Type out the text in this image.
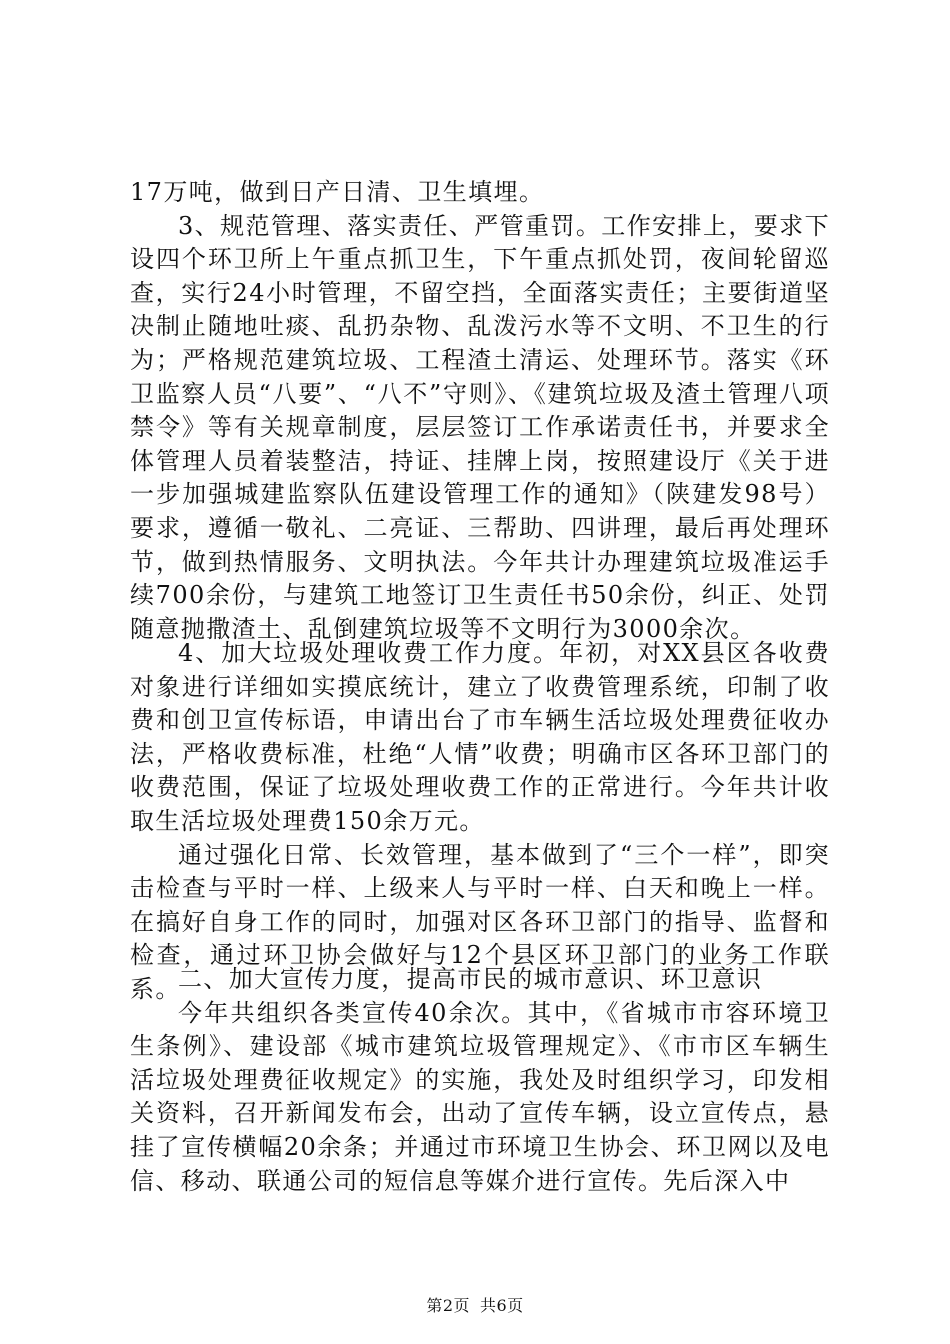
17万吨，做到日产日清、卫生填埋。

3、规范管理、落实责任、严管重罚。工作安排上，要求下设四个环卫所上午重点抓卫生，下午重点抓处罚，夜间轮留巡查，实行24小时管理，不留空挡，全面落实责任；主要街道坚决制止随地吐痰、乱扔杂物、乱泼污水等不文明、不卫生的行为；严格规范建筑垃圾、工程渣土清运、处理环节。落实《环卫监察人员“八要”、“八不”守则》、《建筑垃圾及渣土管理八项禁令》等有关规章制度，层层签订工作承诺责任书，并要求全体管理人员着装整洁，持证、挂牌上岗，按照建设厅《关于进一步加强城建监察队伍建设管理工作的通知》（陕建发98号）要求，遵循一敬礼、二亮证、三帮助、四讲理，最后再处理环节，做到热情服务、文明执法。今年共计办理建筑垃圾准运手续700余份，与建筑工地签订卫生责任书50余份，纠正、处罚随意抛撒渣土、乱倒建筑垃圾等不文明行为3000余次。

4、加大垃圾处理收费工作力度。年初，对XX县区各收费对象进行详细如实摸底统计，建立了收费管理系统，印制了收费和创卫宣传标语，申请出台了市车辆生活垃圾处理费征收办法，严格收费标准，杜绝“人情”收费；明确市区各环卫部门的收费范围，保证了垃圾处理收费工作的正常进行。今年共计收取生活垃圾处理费150余万元。

通过强化日常、长效管理，基本做到了“三个一样”，即突击检查与平时一样、上级来人与平时一样、白天和晚上一样。在搞好自身工作的同时，加强对区各环卫部门的指导、监督和检查，通过环卫协会做好与12个县区环卫部门的业务工作联系。

二、加大宣传力度，提高市民的城市意识、环卫意识

今年共组织各类宣传40余次。其中，《省城市市容环境卫生条例》、建设部《城市建筑垃圾管理规定》、《市市区车辆生活垃圾处理费征收规定》的实施，我处及时组织学习，印发相关资料，召开新闻发布会，出动了宣传车辆，设立宣传点，悬挂了宣传横幅20余条；并通过市环境卫生协会、环卫网以及电信、移动、联通公司的短信息等媒介进行宣传。先后深入中

第2页 共6页
